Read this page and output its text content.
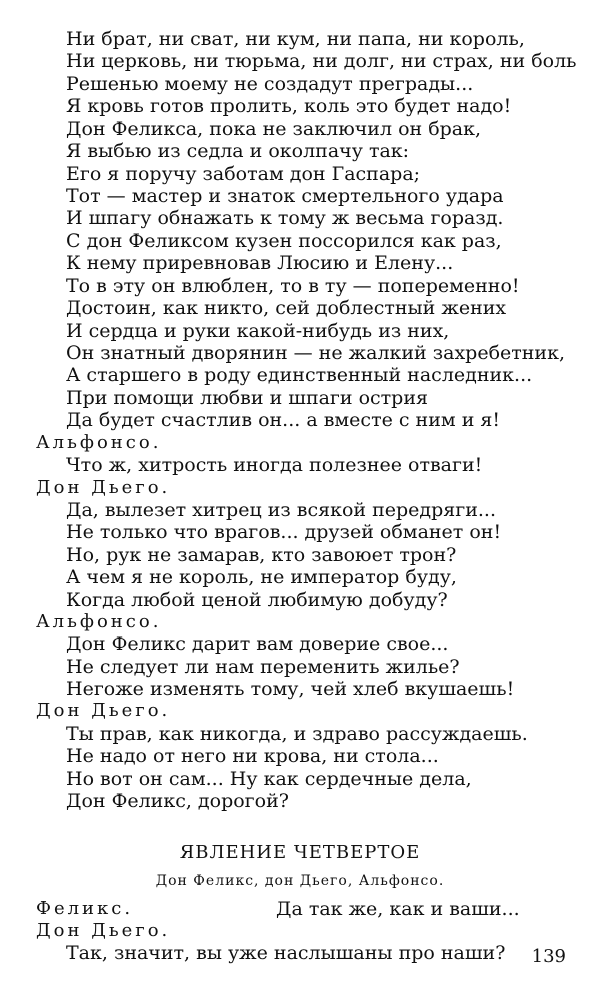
Ни брат, ни сват, ни кум, ни папа, ни король,
Ни церковь, ни тюрьма, ни долг, ни страх, ни боль
Решенью моему не создадут преграды...
Я кровь готов пролить, коль это будет надо!
Дон Феликса, пока не заключил он брак,
Я выбью из седла и околпачу так:
Его я поручу заботам дон Гаспара;
Тот — мастер и знаток смертельного удара
И шпагу обнажать к тому ж весьма горазд.
С дон Феликсом кузен поссорился как раз,
К нему приревновав Люсию и Елену...
То в эту он влюблен, то в ту — попеременно!
Достоин, как никто, сей доблестный жених
И сердца и руки какой-нибудь из них,
Он знатный дворянин — не жалкий захребетник,
А старшего в роду единственный наследник...
При помощи любви и шпаги острия
Да будет счастлив он... а вместе с ним и я!
Альфонсо.
Что ж, хитрость иногда полезнее отваги!
Дон Дьего.
Да, вылезет хитрец из всякой передряги...
Не только что врагов... друзей обманет он!
Но, рук не замарав, кто завоюет трон?
А чем я не король, не император буду,
Когда любой ценой любимую добуду?
Альфонсо.
Дон Феликс дарит вам доверие свое...
Не следует ли нам переменить жилье?
Негоже изменять тому, чей хлеб вкушаешь!
Дон Дьего.
Ты прав, как никогда, и здраво рассуждаешь.
Не надо от него ни крова, ни стола...
Но вот он сам... Ну как сердечные дела,
Дон Феликс, дорогой?
ЯВЛЕНИЕ ЧЕТВЕРТОЕ
Дон Феликс, дон Дьего, Альфонсо.
Феликс.	Да так же, как и ваши...
Дон Дьего.
Так, значит, вы уже наслышаны про наши? 139
